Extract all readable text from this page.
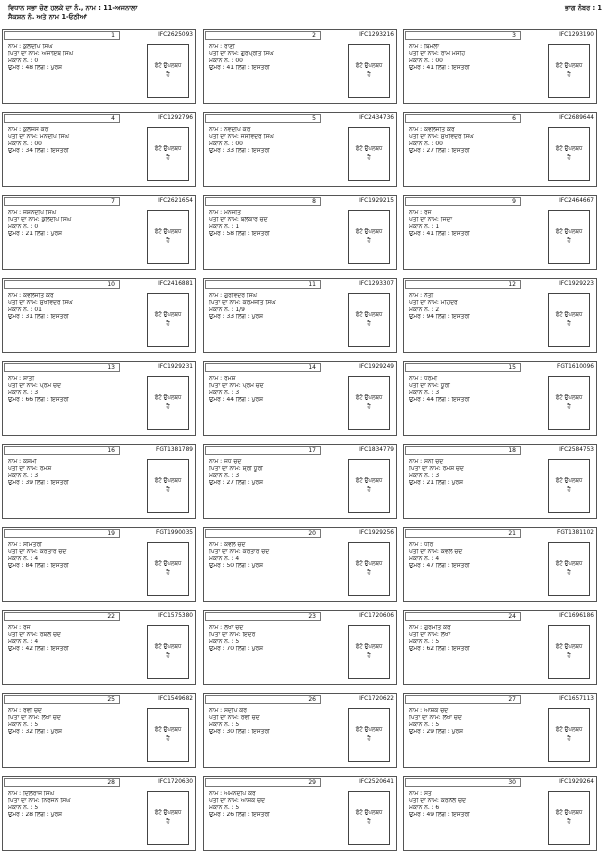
ਵਿਧਾਨ ਸਭਾ ਚੋਣ ਹਲਕੇ ਦਾ ਨੰ., ਨਾਮ : 11-ਅਜਨਾਲਾ
ਸੈਕਸ਼ਨ ਨੰ. ਅਤੇ ਨਾਮ 1-ਓਠੀਆਂ
ਭਾਗ ਨੰਬਰ : 1
1	IFC2625093
ਨਾਮ : ਕੁਲਦੀਪ ਸਿੰਘ
ਪਿਤਾ ਦਾ ਨਾਮ: ਅਜਾਇਬ ਸਿੰਘ
ਮਕਾਨ ਨੰ. : 0
ਉਮਰ : 48 ਲਿੰਗ : ਪੁਰਸ਼	ਫੋਟੋ ਉਪਲਬਧ
ਹੈ
2	IFC1293216
ਨਾਮ : ਰਾਣੀ
ਪਤੀ ਦਾ ਨਾਮ: ਗੁਰਪ੍ਰੀਤ ਸਿੰਘ
ਮਕਾਨ ਨੰ. : 00
ਉਮਰ : 41 ਲਿੰਗ : ਇਸਤਰੀ	ਫੋਟੋ ਉਪਲਬਧ
ਹੈ
3	IFC1293190
ਨਾਮ : ਬਿਮਲਾ
ਪਤੀ ਦਾ ਨਾਮ: ਰਾਮ ਮਸੀਹ
ਮਕਾਨ ਨੰ. : 00
ਉਮਰ : 41 ਲਿੰਗ : ਇਸਤਰੀ	ਫੋਟੋ ਉਪਲਬਧ
ਹੈ
4	IFC1292796
ਨਾਮ : ਕੁਲਜਸ ਕੌਰ
ਪਤੀ ਦਾ ਨਾਮ: ਮਨਦੀਪ ਸਿੰਘ
ਮਕਾਨ ਨੰ. : 00
ਉਮਰ : 34 ਲਿੰਗ : ਇਸਤਰੀ	ਫੋਟੋ ਉਪਲਬਧ
ਹੈ
5	IFC2434736
ਨਾਮ : ਨਵਦੀਪ ਕੌਰ
ਪਤੀ ਦਾ ਨਾਮ: ਜਸਵਿੰਦਰ ਸਿੰਘ
ਮਕਾਨ ਨੰ. : 00
ਉਮਰ : 33 ਲਿੰਗ : ਇਸਤਰੀ	ਫੋਟੋ ਉਪਲਬਧ
ਹੈ
6	IFC2689644
ਨਾਮ : ਕਵਲਜੀਤ ਕੌਰ
ਪਤੀ ਦਾ ਨਾਮ: ਸੁਖਵਿੰਦਰ ਸਿੰਘ
ਮਕਾਨ ਨੰ. : 00
ਉਮਰ : 27 ਲਿੰਗ : ਇਸਤਰੀ	ਫੋਟੋ ਉਪਲਬਧ
ਹੈ
7	IFC2621654
ਨਾਮ : ਜਸ਼ਨਦੀਪ ਸਿੰਘ
ਪਿਤਾ ਦਾ ਨਾਮ: ਕੁਲਦੀਪ ਸਿੰਘ
ਮਕਾਨ ਨੰ. : 0
ਉਮਰ : 21 ਲਿੰਗ : ਪੁਰਸ਼	ਫੋਟੋ ਉਪਲਬਧ
ਹੈ
8	IFC1929215
ਨਾਮ : ਮਨਜੀਤ
ਪਤੀ ਦਾ ਨਾਮ: ਬਲਕਾਰ ਚੰਦ
ਮਕਾਨ ਨੰ. : 1
ਉਮਰ : 58 ਲਿੰਗ : ਇਸਤਰੀ	ਫੋਟੋ ਉਪਲਬਧ
ਹੈ
9	IFC2464667
ਨਾਮ : ਰਜ
ਪਤੀ ਦਾ ਨਾਮ: ਜਿੰਦਾ
ਮਕਾਨ ਨੰ. : 1
ਉਮਰ : 41 ਲਿੰਗ : ਇਸਤਰੀ	ਫੋਟੋ ਉਪਲਬਧ
ਹੈ
10	IFC2416881
ਨਾਮ : ਕੰਵਲਜੀਤ ਕੌਰ
ਪਤੀ ਦਾ ਨਾਮ: ਸੁਖਵਿੰਦਰ ਸਿੰਘ
ਮਕਾਨ ਨੰ. : 01
ਉਮਰ : 31 ਲਿੰਗ : ਇਸਤਰੀ	ਫੋਟੋ ਉਪਲਬਧ
ਹੈ
11	IFC1293307
ਨਾਮ : ਗੁਰਵਿੰਦਰ ਸਿੰਘ
ਪਿਤਾ ਦਾ ਨਾਮ: ਕਰਮਜੀਤ ਸਿੰਘ
ਮਕਾਨ ਨੰ. : 1/9
ਉਮਰ : 33 ਲਿੰਗ : ਪੁਰਸ਼	ਫੋਟੋ ਉਪਲਬਧ
ਹੈ
12	IFC1929223
ਨਾਮ : ਨੈਤੀ
ਪਤੀ ਦਾ ਨਾਮ: ਮਹਿੰਦਰ
ਮਕਾਨ ਨੰ. : 2
ਉਮਰ : 94 ਲਿੰਗ : ਇਸਤਰੀ	ਫੋਟੋ ਉਪਲਬਧ
ਹੈ
13	IFC1929231
ਨਾਮ : ਸ਼ਾਂਤੀ
ਪਤੀ ਦਾ ਨਾਮ: ਪ੍ਰੇਮ ਚੰਦ
ਮਕਾਨ ਨੰ. : 3
ਉਮਰ : 66 ਲਿੰਗ : ਇਸਤਰੀ	ਫੋਟੋ ਉਪਲਬਧ
ਹੈ
14	IFC1929249
ਨਾਮ : ਰਮੇਸ਼
ਪਿਤਾ ਦਾ ਨਾਮ: ਪ੍ਰੇਮ ਚੰਦ
ਮਕਾਨ ਨੰ. : 3
ਉਮਰ : 44 ਲਿੰਗ : ਪੁਰਸ਼	ਫੋਟੋ ਉਪਲਬਧ
ਹੈ
15	FGT1610096
ਨਾਮ : ਧਰਮੀ
ਪਤੀ ਦਾ ਨਾਮ: ਧੂਰੀ
ਮਕਾਨ ਨੰ. : 3
ਉਮਰ : 44 ਲਿੰਗ : ਇਸਤਰੀ	ਫੋਟੋ ਉਪਲਬਧ
ਹੈ
16	FGT1381789
ਨਾਮ : ਕਸ਼ਮੀ
ਪਤੀ ਦਾ ਨਾਮ: ਰਮੇਸ਼
ਮਕਾਨ ਨੰ. : 3
ਉਮਰ : 39 ਲਿੰਗ : ਇਸਤਰੀ	ਫੋਟੋ ਉਪਲਬਧ
ਹੈ
17	IFC1834779
ਨਾਮ : ਜੋਧ ਚੰਦ
ਪਿਤਾ ਦਾ ਨਾਮ: ਸ਼੍ਰੀ ਧੂਰੀ
ਮਕਾਨ ਨੰ. : 3
ਉਮਰ : 27 ਲਿੰਗ : ਪੁਰਸ਼	ਫੋਟੋ ਉਪਲਬਧ
ਹੈ
18	IFC2584753
ਨਾਮ : ਸੰਨੀ ਚੰਦ
ਪਿਤਾ ਦਾ ਨਾਮ: ਰਮੇਸ਼ ਚੰਦ
ਮਕਾਨ ਨੰ. : 3
ਉਮਰ : 21 ਲਿੰਗ : ਪੁਰਸ਼	ਫੋਟੋ ਉਪਲਬਧ
ਹੈ
19	FGT1990035
ਨਾਮ : ਸੰਮਿਤਰੀ
ਪਤੀ ਦਾ ਨਾਮ: ਕਰਤਾਰ ਚੰਦ
ਮਕਾਨ ਨੰ. : 4
ਉਮਰ : 84 ਲਿੰਗ : ਇਸਤਰੀ	ਫੋਟੋ ਉਪਲਬਧ
ਹੈ
20	IFC1929256
ਨਾਮ : ਕੇਵਲ ਚੰਦ
ਪਿਤਾ ਦਾ ਨਾਮ: ਕਰਤਾਰ ਚੰਦ
ਮਕਾਨ ਨੰ. : 4
ਉਮਰ : 50 ਲਿੰਗ : ਪੁਰਸ਼	ਫੋਟੋ ਉਪਲਬਧ
ਹੈ
21	FGT1381102
ਨਾਮ : ਧੀਰੋ
ਪਤੀ ਦਾ ਨਾਮ: ਕੇਵਲ ਚੰਦ
ਮਕਾਨ ਨੰ. : 4
ਉਮਰ : 47 ਲਿੰਗ : ਇਸਤਰੀ	ਫੋਟੋ ਉਪਲਬਧ
ਹੈ
22	IFC1575380
ਨਾਮ : ਰਜ
ਪਤੀ ਦਾ ਨਾਮ: ਰੱਬਲ ਚੰਦ
ਮਕਾਨ ਨੰ. : 4
ਉਮਰ : 42 ਲਿੰਗ : ਇਸਤਰੀ	ਫੋਟੋ ਉਪਲਬਧ
ਹੈ
23	IFC1720606
ਨਾਮ : ਲੱਖਾ ਚੰਦ
ਪਿਤਾ ਦਾ ਨਾਮ: ਇੰਦਰ
ਮਕਾਨ ਨੰ. : 5
ਉਮਰ : 70 ਲਿੰਗ : ਪੁਰਸ਼	ਫੋਟੋ ਉਪਲਬਧ
ਹੈ
24	IFC1696186
ਨਾਮ : ਗੁਰਮੀਤ ਕੌਰ
ਪਤੀ ਦਾ ਨਾਮ: ਲੱਖਾ
ਮਕਾਨ ਨੰ. : 5
ਉਮਰ : 62 ਲਿੰਗ : ਇਸਤਰੀ	ਫੋਟੋ ਉਪਲਬਧ
ਹੈ
25	IFC1549682
ਨਾਮ : ਰਵੀ ਚੰਦ
ਪਿਤਾ ਦਾ ਨਾਮ: ਲਖਾ ਚੰਦ
ਮਕਾਨ ਨੰ. : 5
ਉਮਰ : 32 ਲਿੰਗ : ਪੁਰਸ਼	ਫੋਟੋ ਉਪਲਬਧ
ਹੈ
26	IFC1720622
ਨਾਮ : ਸੰਦੀਪ ਕੌਰ
ਪਤੀ ਦਾ ਨਾਮ: ਰਵੀ ਚੰਦ
ਮਕਾਨ ਨੰ. : 5
ਉਮਰ : 30 ਲਿੰਗ : ਇਸਤਰੀ	ਫੋਟੋ ਉਪਲਬਧ
ਹੈ
27	IFC1657113
ਨਾਮ : ਆਸ਼ਕ ਚੰਦ
ਪਿਤਾ ਦਾ ਨਾਮ: ਲਖਾ ਚੰਦ
ਮਕਾਨ ਨੰ. : 5
ਉਮਰ : 29 ਲਿੰਗ : ਪੁਰਸ਼	ਫੋਟੋ ਉਪਲਬਧ
ਹੈ
28	IFC1720630
ਨਾਮ : ਦਿਲਰਾਜ ਸਿੰਘ
ਪਿਤਾ ਦਾ ਨਾਮ: ਨਿਰੰਜਨ ਸਿੰਘ
ਮਕਾਨ ਨੰ. : 5
ਉਮਰ : 28 ਲਿੰਗ : ਪੁਰਸ਼	ਫੋਟੋ ਉਪਲਬਧ
ਹੈ
29	IFC2520641
ਨਾਮ : ਅਮਨਦੀਪ ਕੌਰ
ਪਤੀ ਦਾ ਨਾਮ: ਆਸ਼ਕ ਚੰਦ
ਮਕਾਨ ਨੰ. : 5
ਉਮਰ : 26 ਲਿੰਗ : ਇਸਤਰੀ	ਫੋਟੋ ਉਪਲਬਧ
ਹੈ
30	IFC1929264
ਨਾਮ : ਸਤੋ
ਪਤੀ ਦਾ ਨਾਮ: ਕਰਨੈਲ ਚੰਦ
ਮਕਾਨ ਨੰ. : 6
ਉਮਰ : 49 ਲਿੰਗ : ਇਸਤਰੀ	ਫੋਟੋ ਉਪਲਬਧ
ਹੈ
